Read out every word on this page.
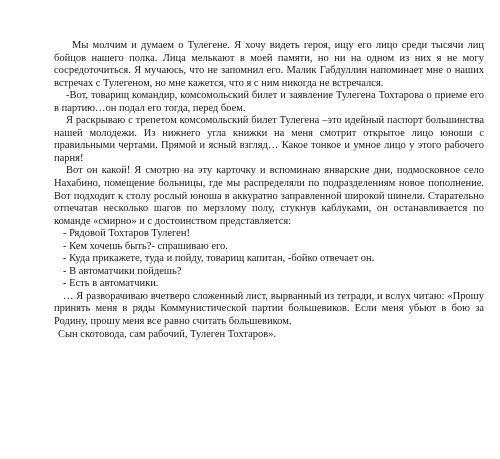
Мы молчим и думаем о Тулегене. Я хочу видеть героя, ищу его лицо среди тысячи лиц бойцов нашего полка. Лица мелькают в моей памяти, но ни на одном из них я не могу сосредоточиться. Я мучаюсь, что не запомнил его. Малик Габдуллин напоминает мне о наших встречах с Тулегеном, но мне кажется, что я с ним никогда не встречался.

-Вот, товарищ командир, комсомольский билет и заявление Тулегена Тохтарова о приеме его в партию…он подал его тогда, перед боем.

Я раскрываю с трепетом комсомольский билет Тулегена –это идейный паспорт большинства нашей молодежи. Из нижнего угла книжки на меня смотрит открытое лицо юноши с правильными чертами. Прямой и ясный взгляд… Какое тонкое и умное лицо у этого рабочего парня!

Вот он какой! Я смотрю на эту карточку и вспоминаю январские дни, подмосковное село Нахабино, помещение больницы, где мы распределяли по подразделениям новое пополнение. Вот подходит к столу рослый юноша в аккуратно заправленной широкой шинели. Старательно отпечатав несколько шагов по мерзлому полу, стукнув каблуками, он останавливается по команде «смирно» и с достоинством представляется:

- Рядовой Тохтаров Тулеген!

- Кем хочешь быть?- спрашиваю его.

- Куда прикажете, туда и пойду, товарищ капитан, -бойко отвечает он.

- В автоматчики пойдешь?

- Есть в автоматчики.

… Я разворачиваю вчетверо сложенный лист, вырванный из тетради, и вслух читаю: «Прошу принять меня в ряды Коммунистической партии большевиков. Если меня убьют в бою за Родину, прошу меня все равно считать большевиком.

Сын скотовода, сам рабочий, Тулеген Тохтаров».
